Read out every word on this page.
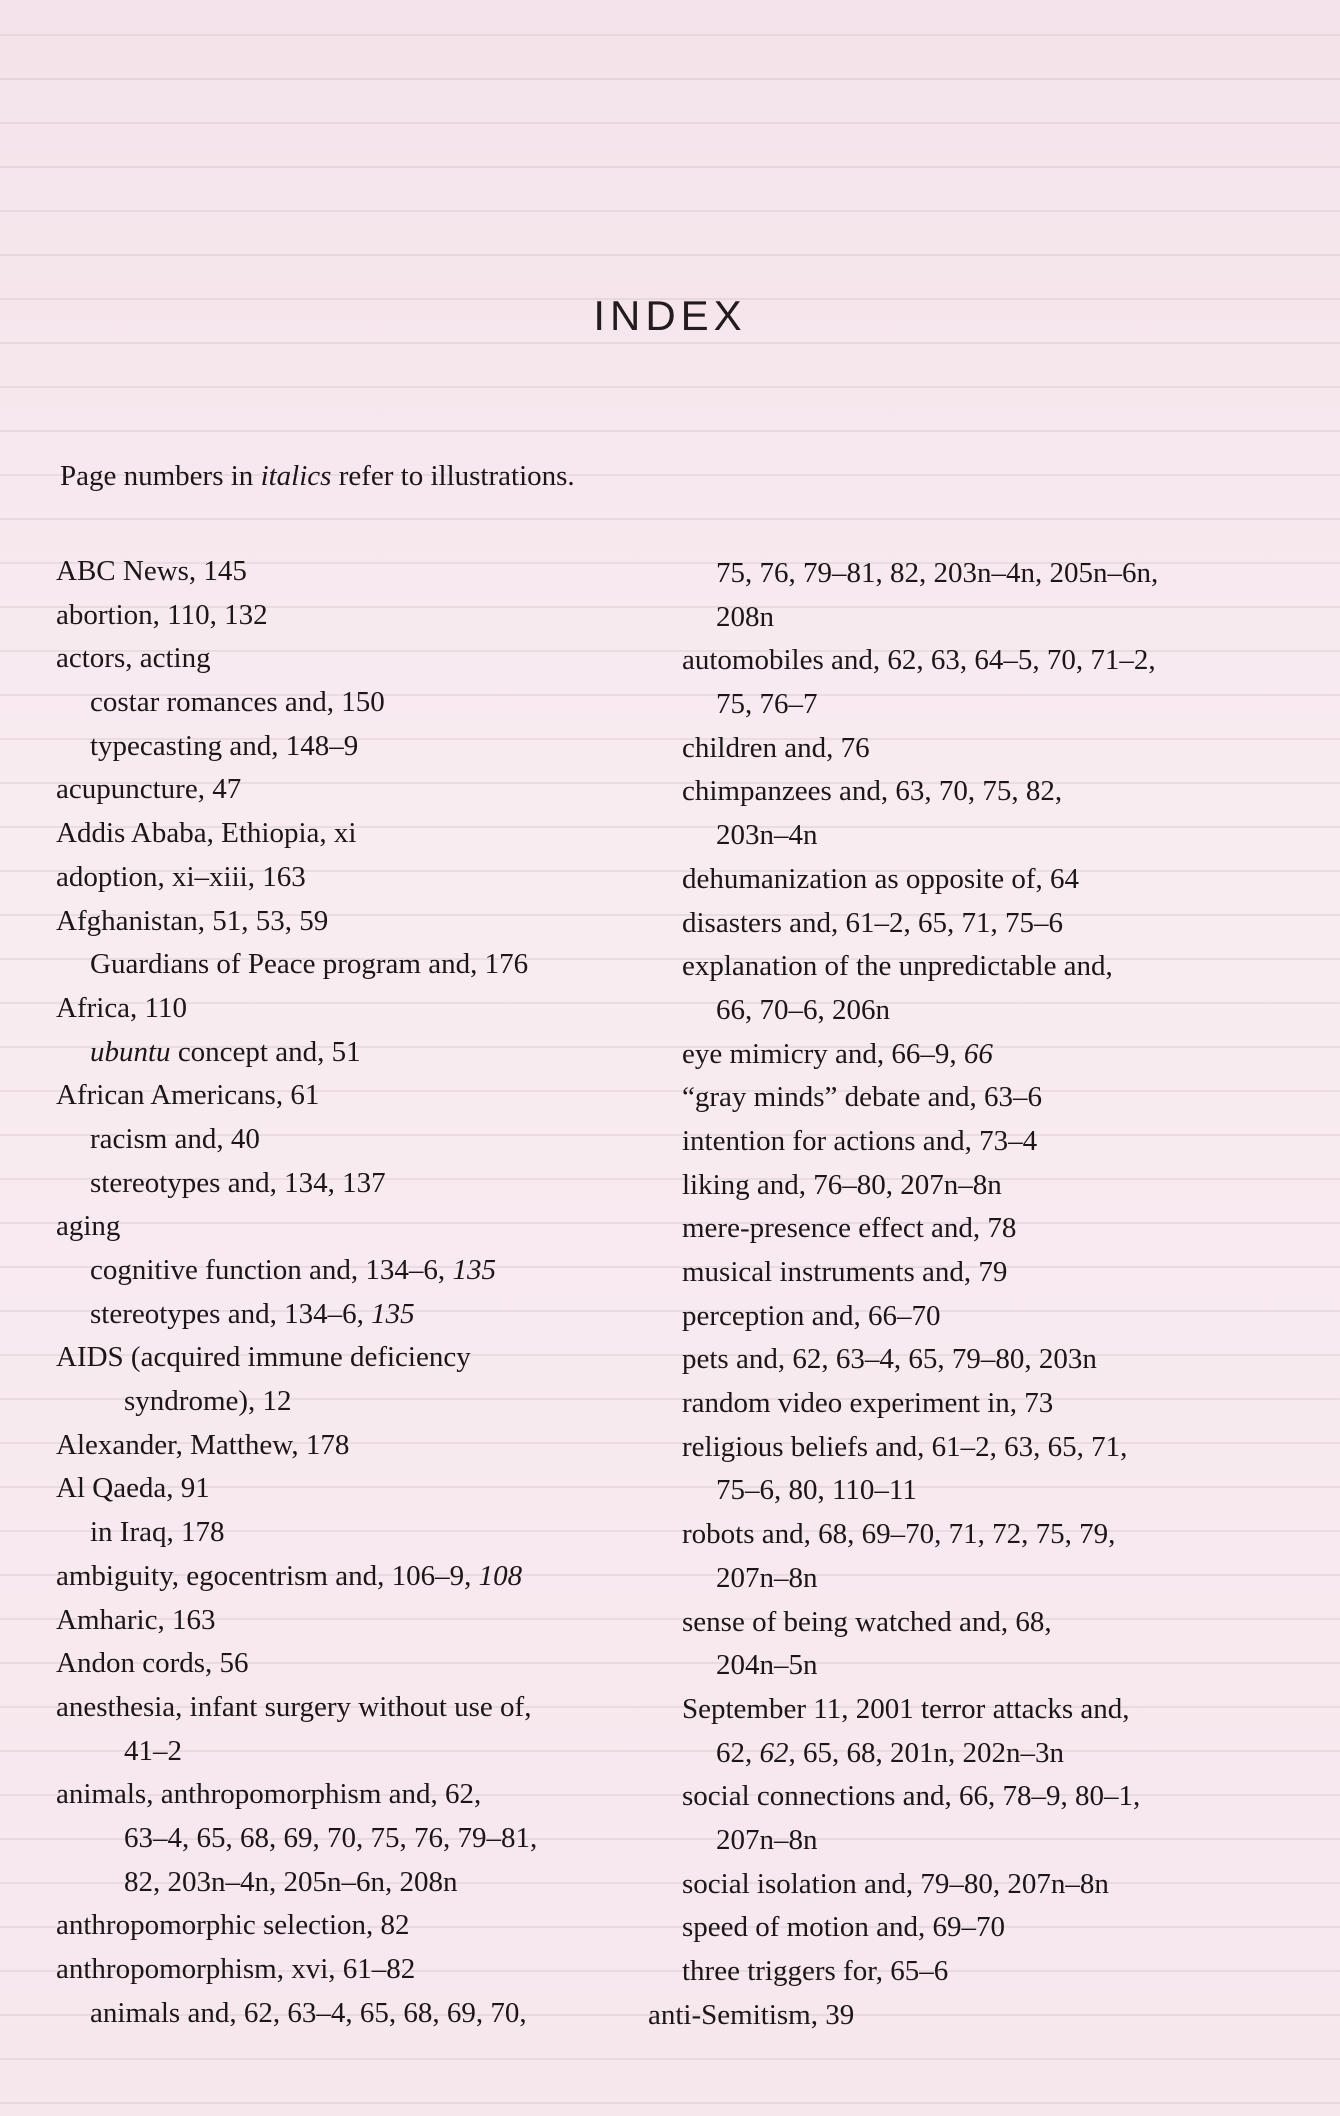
INDEX
Page numbers in italics refer to illustrations.
ABC News, 145
abortion, 110, 132
actors, acting
costar romances and, 150
typecasting and, 148–9
acupuncture, 47
Addis Ababa, Ethiopia, xi
adoption, xi–xiii, 163
Afghanistan, 51, 53, 59
Guardians of Peace program and, 176
Africa, 110
ubuntu concept and, 51
African Americans, 61
racism and, 40
stereotypes and, 134, 137
aging
cognitive function and, 134–6, 135
stereotypes and, 134–6, 135
AIDS (acquired immune deficiency
syndrome), 12
Alexander, Matthew, 178
Al Qaeda, 91
in Iraq, 178
ambiguity, egocentrism and, 106–9, 108
Amharic, 163
Andon cords, 56
anesthesia, infant surgery without use of,
41–2
animals, anthropomorphism and, 62,
63–4, 65, 68, 69, 70, 75, 76, 79–81,
82, 203n–4n, 205n–6n, 208n
anthropomorphic selection, 82
anthropomorphism, xvi, 61–82
animals and, 62, 63–4, 65, 68, 69, 70,
75, 76, 79–81, 82, 203n–4n, 205n–6n,
208n
automobiles and, 62, 63, 64–5, 70, 71–2,
75, 76–7
children and, 76
chimpanzees and, 63, 70, 75, 82,
203n–4n
dehumanization as opposite of, 64
disasters and, 61–2, 65, 71, 75–6
explanation of the unpredictable and,
66, 70–6, 206n
eye mimicry and, 66–9, 66
“gray minds” debate and, 63–6
intention for actions and, 73–4
liking and, 76–80, 207n–8n
mere-presence effect and, 78
musical instruments and, 79
perception and, 66–70
pets and, 62, 63–4, 65, 79–80, 203n
random video experiment in, 73
religious beliefs and, 61–2, 63, 65, 71,
75–6, 80, 110–11
robots and, 68, 69–70, 71, 72, 75, 79,
207n–8n
sense of being watched and, 68,
204n–5n
September 11, 2001 terror attacks and,
62, 62, 65, 68, 201n, 202n–3n
social connections and, 66, 78–9, 80–1,
207n–8n
social isolation and, 79–80, 207n–8n
speed of motion and, 69–70
three triggers for, 65–6
anti-Semitism, 39
